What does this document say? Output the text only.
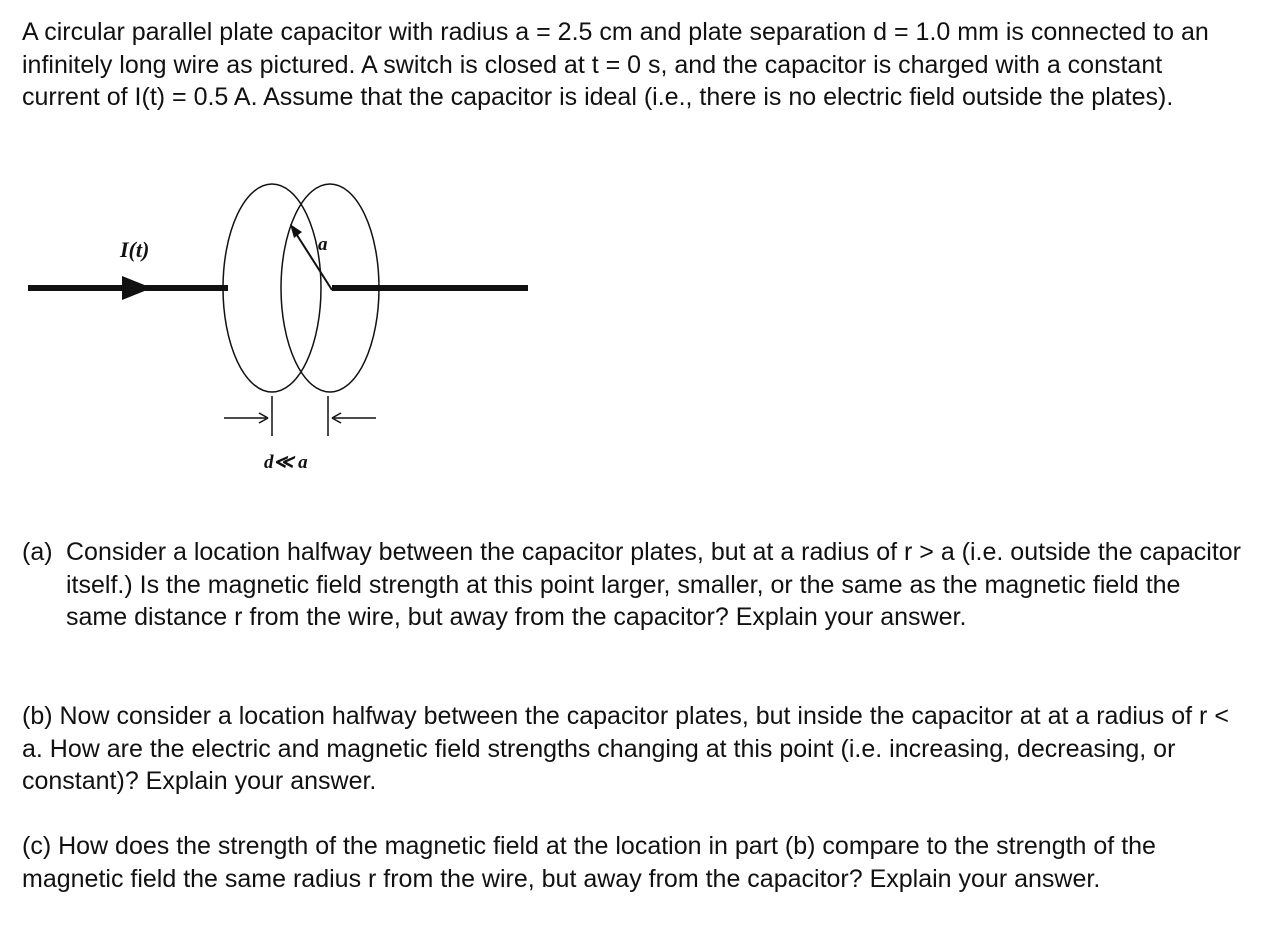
A circular parallel plate capacitor with radius a = 2.5 cm and plate separation d = 1.0 mm is connected to an infinitely long wire as pictured. A switch is closed at t = 0 s, and the capacitor is charged with a constant current of I(t) = 0.5 A. Assume that the capacitor is ideal (i.e., there is no electric field outside the plates).

I(t)	a
d≪ a
(a) Consider a location halfway between the capacitor plates, but at a radius of r > a (i.e. outside the capacitor itself.) Is the magnetic field strength at this point larger, smaller, or the same as the magnetic field the same distance r from the wire, but away from the capacitor? Explain your answer.

(b) Now consider a location halfway between the capacitor plates, but inside the capacitor at at a radius of r < a. How are the electric and magnetic field strengths changing at this point (i.e. increasing, decreasing, or constant)? Explain your answer.

(c) How does the strength of the magnetic field at the location in part (b) compare to the strength of the magnetic field the same radius r from the wire, but away from the capacitor? Explain your answer.
